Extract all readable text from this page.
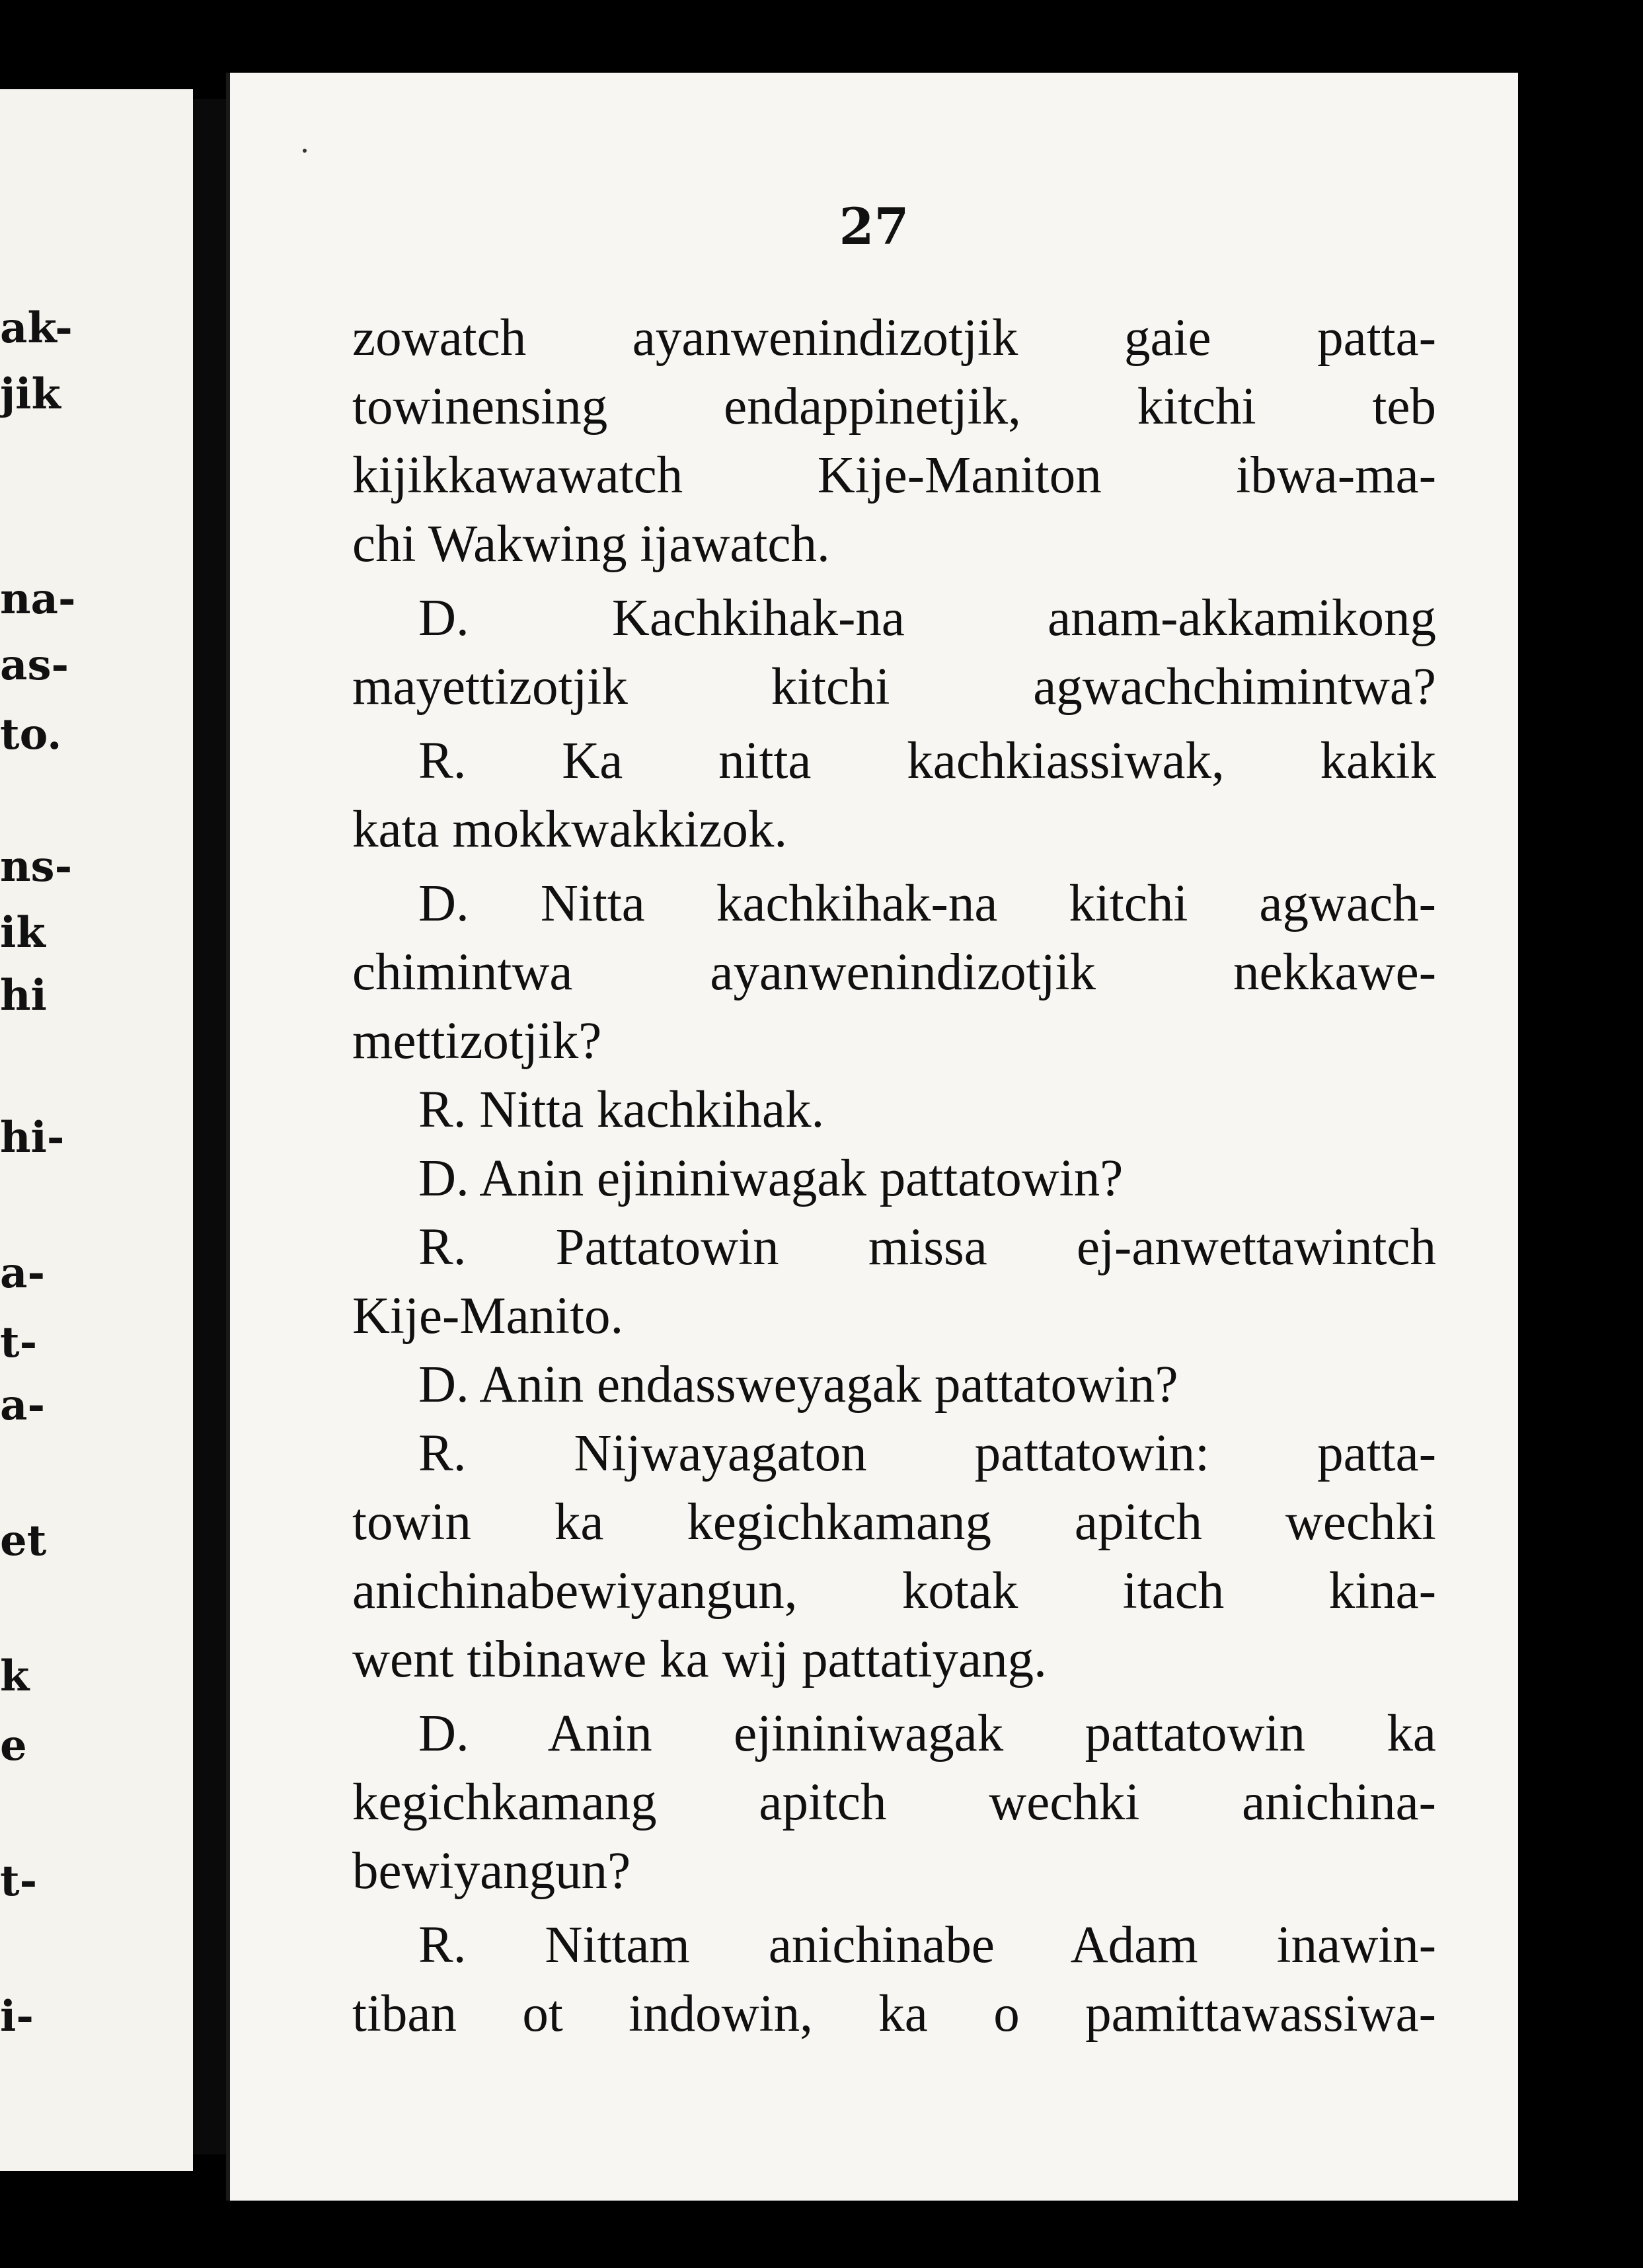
ak-
jik
na-
as-
to.
ns-
ik
hi
hi-
a-
t-
a-
et
k
e
t-
i-
27
zowatch ayanwenindizotjik gaie patta-
towinensing endappinetjik, kitchi teb
kijikkawawatch Kije-Maniton ibwa-ma-
chi Wakwing ijawatch.
D. Kachkihak-na anam-akkamikong
mayettizotjik kitchi agwachchimintwa?
R. Ka nitta kachkiassiwak, kakik
kata mokkwakkizok.
D. Nitta kachkihak-na kitchi agwach-
chimintwa ayanwenindizotjik nekkawe-
mettizotjik?
R. Nitta kachkihak.
D. Anin ejininiwagak pattatowin?
R. Pattatowin missa ej-anwettawintch
Kije-Manito.
D. Anin endassweyagak pattatowin?
R. Nijwayagaton pattatowin: patta-
towin ka kegichkamang apitch wechki
anichinabewiyangun, kotak itach kina-
went tibinawe ka wij pattatiyang.
D. Anin ejininiwagak pattatowin ka
kegichkamang apitch wechki anichina-
bewiyangun?
R. Nittam anichinabe Adam inawin-
tiban ot indowin, ka o pamittawassiwa-
